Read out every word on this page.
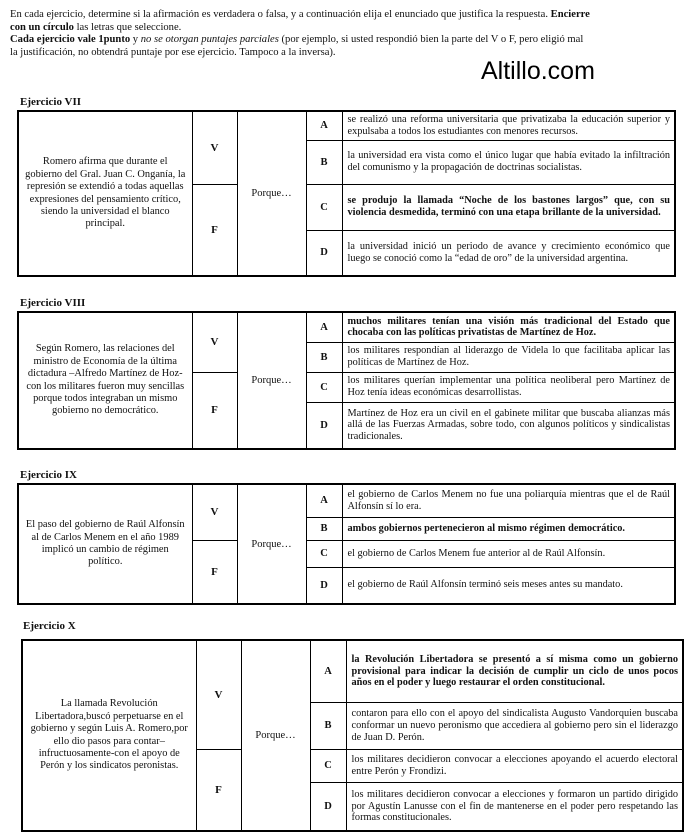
En cada ejercicio, determine si la afirmación es verdadera o falsa, y a continuación elija el enunciado que justifica la respuesta. Encierre
con un círculo las letras que seleccione.
Cada ejercicio vale 1punto y no se otorgan puntajes parciales (por ejemplo, si usted respondió bien la parte del V o F, pero eligió mal
la justificación, no obtendrá puntaje por ese ejercicio. Tampoco a la inversa).
Altillo.com
Ejercicio VII
Romero afirma que durante el gobierno del Gral. Juan C. Onganía, la represión se extendió a todas aquellas expresiones del pensamiento crítico, siendo la universidad el blanco principal.	V	Porque…	A	se realizó una reforma universitaria que privatizaba la educación superior y expulsaba a todos los estudiantes con menores recursos.
			B	la universidad era vista como el único lugar que había evitado la infiltración del comunismo y la propagación de doctrinas socialistas.
	F		C	se produjo la llamada “Noche de los bastones largos” que, con su violencia desmedida, terminó con una etapa brillante de la universidad.
			D	la universidad inició un periodo de avance y crecimiento económico que luego se conoció como la “edad de oro” de la universidad argentina.
Ejercicio VIII
Según Romero, las relaciones del ministro de Economía de la última dictadura –Alfredo Martínez de Hoz- con los militares fueron muy sencillas porque todos integraban un mismo gobierno no democrático.	V	Porque…	A	muchos militares tenían una visión más tradicional del Estado que chocaba con las políticas privatistas de Martínez de Hoz.
			B	los militares respondían al liderazgo de Videla lo que facilitaba aplicar las políticas de Martínez de Hoz.
	F		C	los militares querían implementar una política neoliberal pero Martínez de Hoz tenía ideas económicas desarrollistas.
			D	Martínez de Hoz era un civil en el gabinete militar que buscaba alianzas más allá de las Fuerzas Armadas, sobre todo, con algunos políticos y sindicalistas tradicionales.
Ejercicio IX
El paso del gobierno de Raúl Alfonsín al de Carlos Menem en el año 1989 implicó un cambio de régimen político.	V	Porque…	A	el gobierno de Carlos Menem no fue una poliarquía mientras que el de Raúl Alfonsín sí lo era.
			B	ambos gobiernos pertenecieron al mismo régimen democrático.
	F		C	el gobierno de Carlos Menem fue anterior al de Raúl Alfonsín.
			D	el gobierno de Raúl Alfonsín terminó seis meses antes su mandato.
Ejercicio X
La llamada Revolución Libertadora,buscó perpetuarse en el gobierno y según Luis A. Romero,por ello dio pasos para contar–infructuosamente-con el apoyo de Perón y los sindicatos peronistas.	V	Porque…	A	la Revolución Libertadora se presentó a sí misma como un gobierno provisional para indicar la decisión de cumplir un ciclo de unos pocos años en el poder y luego restaurar el orden constitucional.
			B	contaron para ello con el apoyo del sindicalista Augusto Vandorquien buscaba conformar un nuevo peronismo que accediera al gobierno pero sin el liderazgo de Juan D. Perón.
	F		C	los militares decidieron convocar a elecciones apoyando el acuerdo electoral entre Perón y Frondizi.
			D	los militares decidieron convocar a elecciones y formaron un partido dirigido por Agustín Lanusse con el fin de mantenerse en el poder pero respetando las formas constitucionales.
